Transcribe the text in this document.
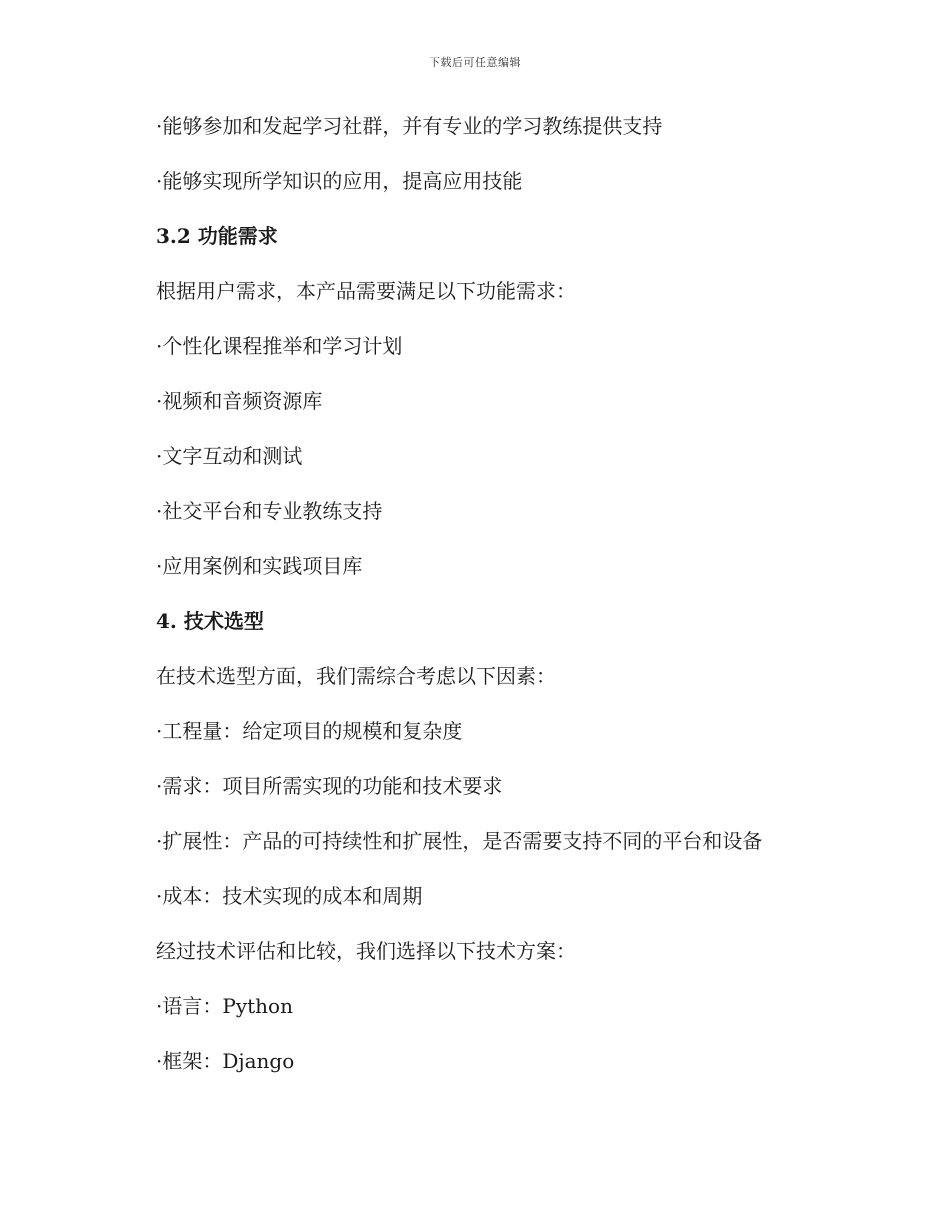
下载后可任意编辑
· 能够参加和发起学习社群，并有专业的学习教练提供支持
· 能够实现所学知识的应用，提高应用技能
3.2 功能需求
根据用户需求，本产品需要满足以下功能需求：
· 个性化课程推举和学习计划
· 视频和音频资源库
· 文字互动和测试
· 社交平台和专业教练支持
· 应用案例和实践项目库
4. 技术选型
在技术选型方面，我们需综合考虑以下因素：
· 工程量：给定项目的规模和复杂度
· 需求：项目所需实现的功能和技术要求
· 扩展性：产品的可持续性和扩展性，是否需要支持不同的平台和设备
· 成本：技术实现的成本和周期
经过技术评估和比较，我们选择以下技术方案：
· 语言：Python
· 框架：Django
